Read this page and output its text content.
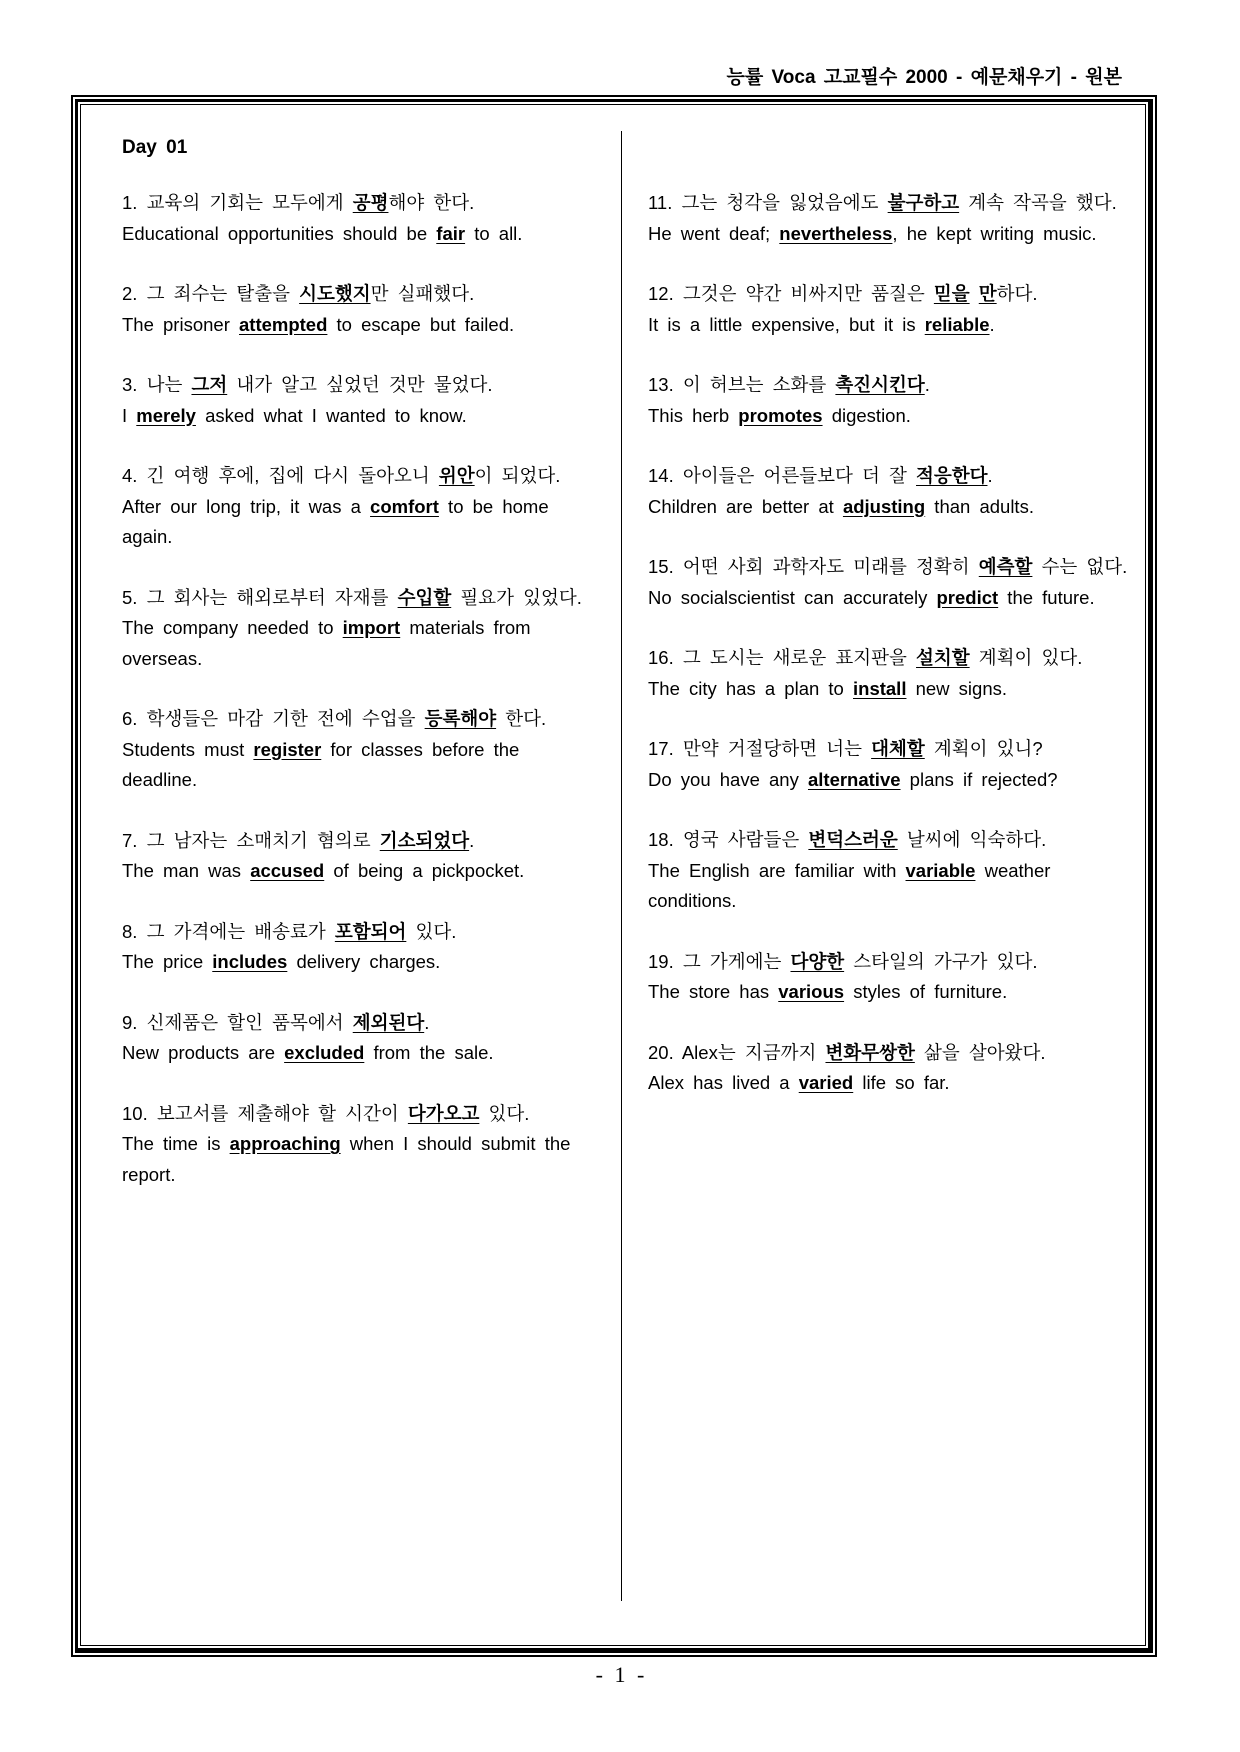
능률 Voca 고교필수 2000 - 예문채우기 - 원본
Day 01
1. 교육의 기회는 모두에게 공평해야 한다.
Educational opportunities should be fair to all.
2. 그 죄수는 탈출을 시도했지만 실패했다.
The prisoner attempted to escape but failed.
3. 나는 그저 내가 알고 싶었던 것만 물었다.
I merely asked what I wanted to know.
4. 긴 여행 후에, 집에 다시 돌아오니 위안이 되었다.
After our long trip, it was a comfort to be home again.
5. 그 회사는 해외로부터 자재를 수입할 필요가 있었다.
The company needed to import materials from overseas.
6. 학생들은 마감 기한 전에 수업을 등록해야 한다.
Students must register for classes before the deadline.
7. 그 남자는 소매치기 혐의로 기소되었다.
The man was accused of being a pickpocket.
8. 그 가격에는 배송료가 포함되어 있다.
The price includes delivery charges.
9. 신제품은 할인 품목에서 제외된다.
New products are excluded from the sale.
10. 보고서를 제출해야 할 시간이 다가오고 있다.
The time is approaching when I should submit the report.
11. 그는 청각을 잃었음에도 불구하고 계속 작곡을 했다.
He went deaf; nevertheless, he kept writing music.
12. 그것은 약간 비싸지만 품질은 믿을 만하다.
It is a little expensive, but it is reliable.
13. 이 허브는 소화를 촉진시킨다.
This herb promotes digestion.
14. 아이들은 어른들보다 더 잘 적응한다.
Children are better at adjusting than adults.
15. 어떤 사회 과학자도 미래를 정확히 예측할 수는 없다.
No socialscientist can accurately predict the future.
16. 그 도시는 새로운 표지판을 설치할 계획이 있다.
The city has a plan to install new signs.
17. 만약 거절당하면 너는 대체할 계획이 있니?
Do you have any alternative plans if rejected?
18. 영국 사람들은 변덕스러운 날씨에 익숙하다.
The English are familiar with variable weather conditions.
19. 그 가게에는 다양한 스타일의 가구가 있다.
The store has various styles of furniture.
20. Alex는 지금까지 변화무쌍한 삶을 살아왔다.
Alex has lived a varied life so far.
- 1 -
